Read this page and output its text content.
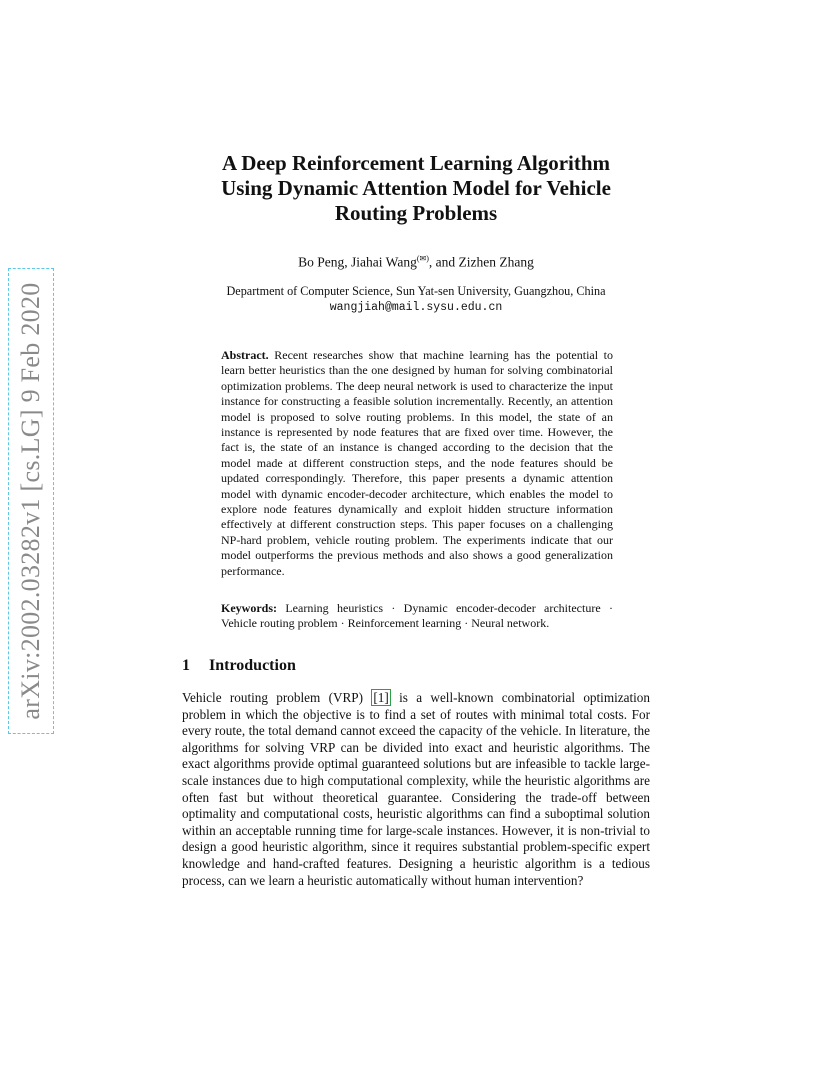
arXiv:2002.03282v1 [cs.LG] 9 Feb 2020
A Deep Reinforcement Learning Algorithm
Using Dynamic Attention Model for Vehicle
Routing Problems

Bo Peng, Jiahai Wang(✉), and Zizhen Zhang

Department of Computer Science, Sun Yat-sen University, Guangzhou, China
wangjiah@mail.sysu.edu.cn

Abstract. Recent researches show that machine learning has the potential to learn better heuristics than the one designed by human for solving combinatorial optimization problems. The deep neural network is used to characterize the input instance for constructing a feasible solution incrementally. Recently, an attention model is proposed to solve routing problems. In this model, the state of an instance is represented by node features that are fixed over time. However, the fact is, the state of an instance is changed according to the decision that the model made at different construction steps, and the node features should be updated correspondingly. Therefore, this paper presents a dynamic attention model with dynamic encoder-decoder architecture, which enables the model to explore node features dynamically and exploit hidden structure information effectively at different construction steps. This paper focuses on a challenging NP-hard problem, vehicle routing problem. The experiments indicate that our model outperforms the previous methods and also shows a good generalization performance.

Keywords: Learning heuristics · Dynamic encoder-decoder architecture · Vehicle routing problem · Reinforcement learning · Neural network.

1 Introduction

Vehicle routing problem (VRP) [1] is a well-known combinatorial optimization problem in which the objective is to find a set of routes with minimal total costs. For every route, the total demand cannot exceed the capacity of the vehicle. In literature, the algorithms for solving VRP can be divided into exact and heuristic algorithms. The exact algorithms provide optimal guaranteed solutions but are infeasible to tackle large-scale instances due to high computational complexity, while the heuristic algorithms are often fast but without theoretical guarantee. Considering the trade-off between optimality and computational costs, heuristic algorithms can find a suboptimal solution within an acceptable running time for large-scale instances. However, it is non-trivial to design a good heuristic algorithm, since it requires substantial problem-specific expert knowledge and hand-crafted features. Designing a heuristic algorithm is a tedious process, can we learn a heuristic automatically without human intervention?
